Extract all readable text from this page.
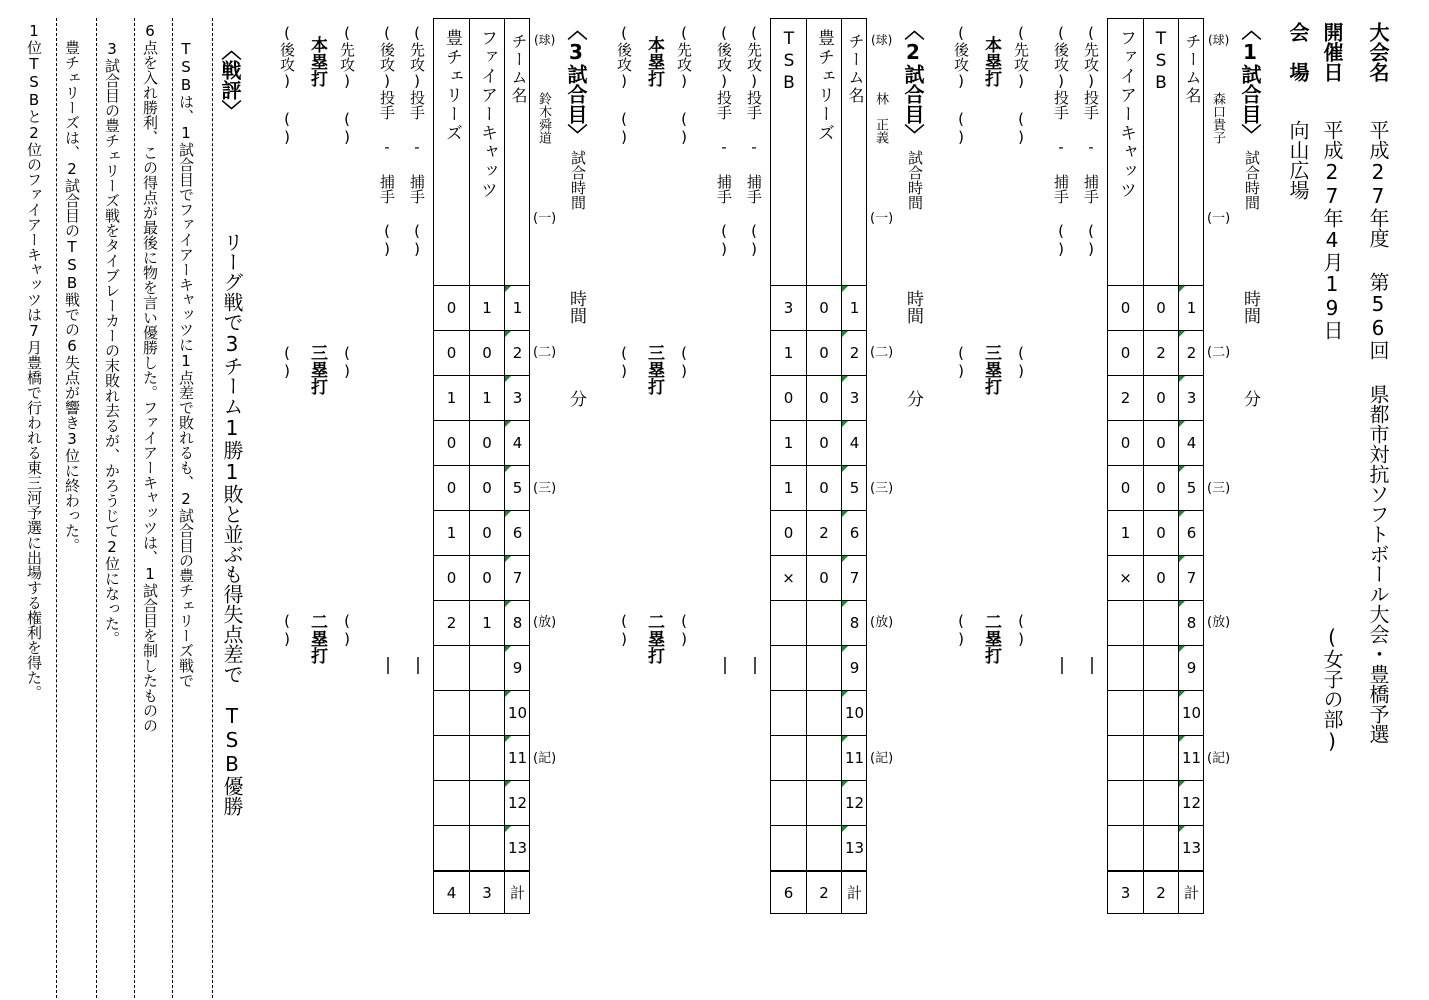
大会名
平成27年度 第56回 県都市対抗ソフトボール大会・豊橋予選
開催日
平成27年4月19日
(女子の部)
会　場
向山広場
〈1試合目〉
試合時間
時間
分
(球)
森口貴子
(一)
(二)
(三)
(放)
(記)
チーム名
TSB
ファイアーキャッツ
1
0
0
2
2
0
3
0
2
4
0
0
5
0
0
6
0
1
7
0
×
8
9
10
11
12
13
計
2
3
(先攻)投手 - 捕手 ()
(後攻)投手 - 捕手 ()
|
|
(先攻)
(後攻) 本塁打
三塁打
二塁打
()
()
()
()
()
()
〈2試合目〉
試合時間
時間
分
(球)
林　正義
(一)
(二)
(三)
(放)
(記)
チーム名
豊チェリーズ
TSB
1
0
3
2
0
1
3
0
0
4
0
1
5
0
1
6
2
0
7
0
×
8
9
10
11
12
13
計
2
6
(先攻)投手 - 捕手 ()
(後攻)投手 - 捕手 ()
|
|
(先攻)
(後攻) 本塁打
三塁打
二塁打
()
()
()
()
()
()
〈3試合目〉
試合時間
時間
分
(球)
鈴木舜道
(一)
(二)
(三)
(放)
(記)
チーム名
ファイアーキャッツ
豊チェリーズ
1
1
0
2
0
0
3
1
1
4
0
0
5
0
0
6
0
1
7
0
0
8
1
2
9
10
11
12
13
計
3
4
(先攻)投手 - 捕手 ()
(後攻)投手 - 捕手 ()
|
|
(先攻)
(後攻) 本塁打
三塁打
二塁打
()
()
()
()
()
()
〈戦評〉
リーグ戦で3チーム1勝1敗と並ぶも得失点差で　TSB優勝
TSBは、1試合目でファイアーキャッツに1点差で敗れるも、2試合目の豊チェリーズ戦で
6点を入れ勝利、この得点が最後に物を言い優勝した。ファイアーキャッツは、1試合目を制したものの
3試合目の豊チェリーズ戦をタイブレーカーの末敗れ去るが、かろうじて2位になった。
豊チェリーズは、2試合目のTSB戦での6失点が響き3位に終わった。
1位TSBと2位のファイアーキャッツは7月豊橋で行われる東三河予選に出場する権利を得た。
